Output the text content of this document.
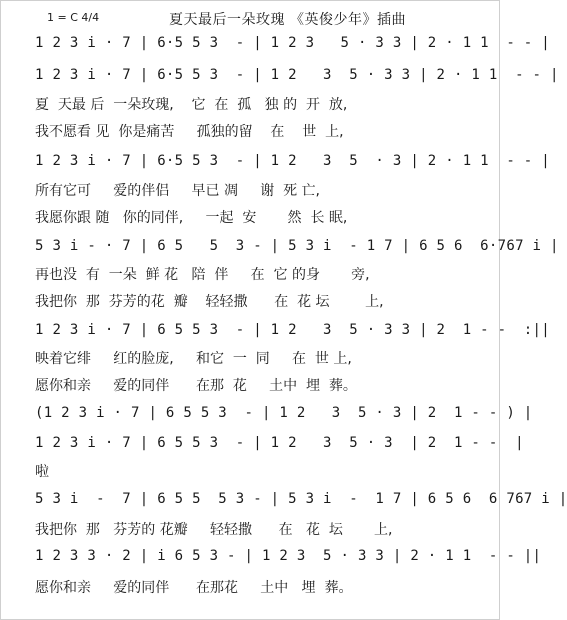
1 = C 4/4	夏天最后一朵玫瑰 《英俊少年》插曲
1 2 3 i · 7 | 6·5 5 3  - | 1 2 3   5 · 3 3 | 2 · 1 1  - - |
1 2 3 i · 7 | 6·5 5 3  - | 1 2   3  5 · 3 3 | 2 · 1 1  - - |
夏  天最 后  一朵玫瑰,    它  在  孤   独 的  开  放,
我不愿看 见  你是痛苦     孤独的留    在    世  上,
1 2 3 i · 7 | 6·5 5 3  - | 1 2   3  5  · 3 | 2 · 1 1  - - |
所有它可     爱的伴侣     早已 凋     谢  死 亡,
我愿你跟 随   你的同伴,     一起  安       然  长 眠,
5 3 i - · 7 | 6 5   5  3 - | 5 3 i  - 1 7 | 6 5 6  6·767 i |
再也没  有  一朵  鲜 花   陪  伴     在  它 的身       旁,
我把你  那  芬芳的花  瓣    轻轻撒      在  花 坛        上,
1 2 3 i · 7 | 6 5 5 3  - | 1 2   3  5 · 3 3 | 2  1 - -  :||
映着它绯     红的脸庞,     和它  一  同     在  世 上,
愿你和亲     爱的同伴      在那  花     土中  埋  葬。
(1 2 3 i · 7 | 6 5 5 3  - | 1 2   3  5 · 3 | 2  1 - - ) |
1 2 3 i · 7 | 6 5 5 3  - | 1 2   3  5 · 3  | 2  1 - -  |
啦
5 3 i  -  7 | 6 5 5  5 3 - | 5 3 i  -  1 7 | 6 5 6  6 767 i |
我把你  那   芬芳的 花瓣     轻轻撒      在   花  坛       上,
1 2 3 3 · 2 | i 6 5 3 - | 1 2 3  5 · 3 3 | 2 · 1 1  - - ||
愿你和亲     爱的同伴      在那花     土中   埋  葬。
